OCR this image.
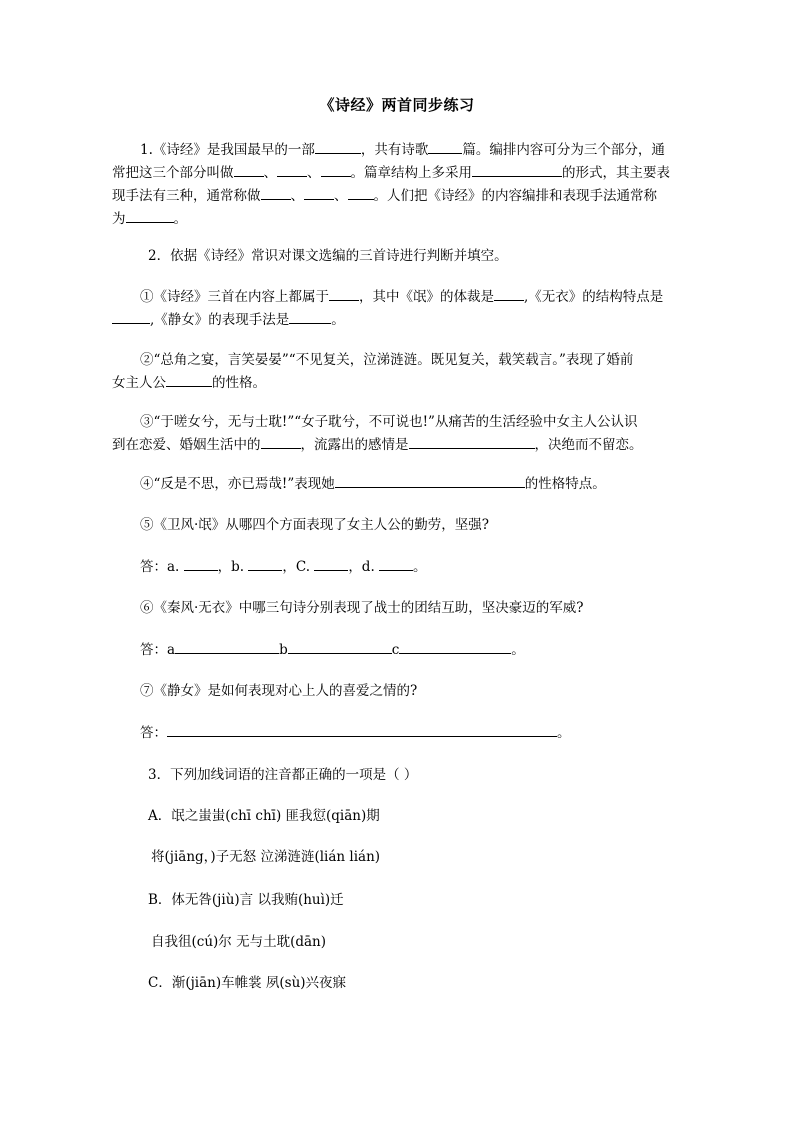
《诗经》两首同步练习
1.《诗经》是我国最早的一部	，共有诗歌	篇。编排内容可分为三个部分，通
常把这三个部分叫做 、 、 。篇章结构上多采用	的形式，其主要表
现手法有三种，通常称做 、 、 。人们把《诗经》的内容编排和表现手法通常称
为	。
2．依据《诗经》常识对课文选编的三首诗进行判断并填空。
①《诗经》三首在内容上都属于 ，其中《氓》的体裁是 ,《无衣》的结构特点是
,《静女》的表现手法是	。
②“总角之宴，言笑晏晏”“不见复关，泣涕涟涟。既见复关，载笑载言。”表现了婚前
女主人公	的性格。
③“于嗟女兮，无与士耽!”“女子耽兮，不可说也!”从痛苦的生活经验中女主人公认识
到在恋爱、婚姻生活中的	，流露出的感情是	，决绝而不留恋。
④“反是不思，亦已焉哉!”表现她	的性格特点。
⑤《卫风·氓》从哪四个方面表现了女主人公的勤劳，坚强?
答：a.	，b.	，C.	，d.	。
⑥《秦风·无衣》中哪三句诗分别表现了战士的团结互助，坚决豪迈的军威?
答：a	b	c	。
⑦《静女》是如何表现对心上人的喜爱之情的?
答：	。
3．下列加线词语的注音都正确的一项是（ ）
A．氓之蚩蚩(chī chī) 匪我愆(qiān)期
将(jiāng，)子无怒 泣涕涟涟(lián lián)
B．体无咎(jiù)言 以我贿(huì)迁
自我徂(cú)尔 无与土耽(dān)
C．渐(jiān)车帷裳 夙(sù)兴夜寐
